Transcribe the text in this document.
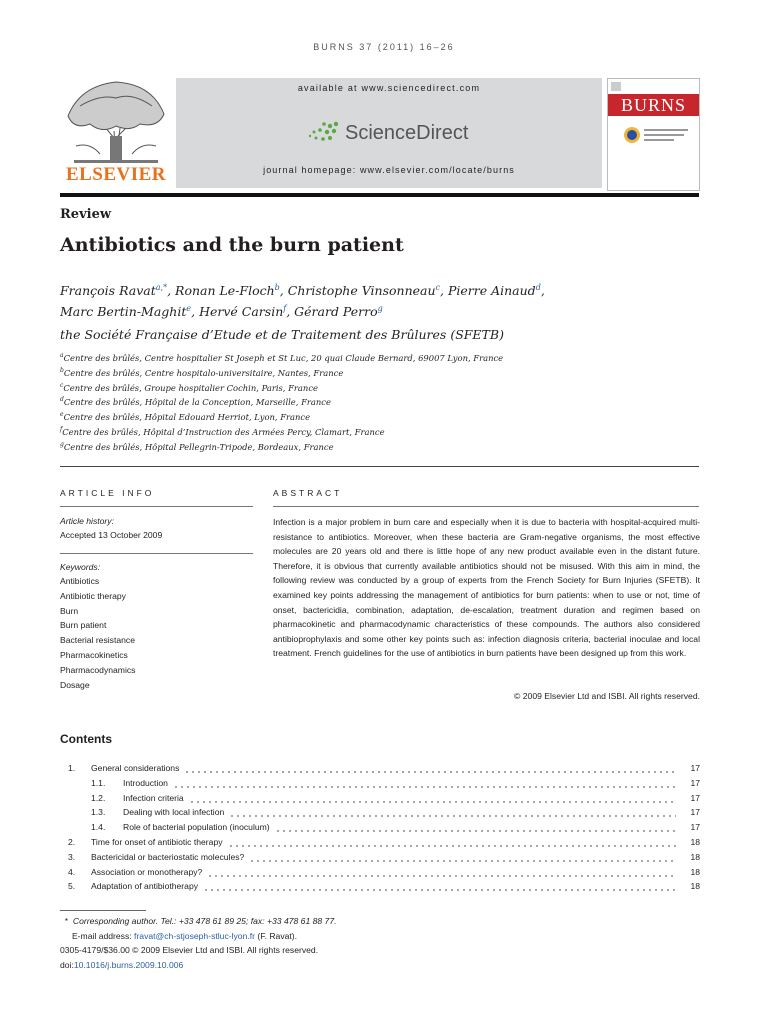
BURNS 37 (2011) 16–26
ELSEVIER
available at www.sciencedirect.com
ScienceDirect
journal homepage: www.elsevier.com/locate/burns
BURNS
Review
Antibiotics and the burn patient
François Ravat$^{a,*}$, Ronan Le-Floch$^b$, Christophe Vinsonneau$^c$, Pierre Ainaud$^d$,
Marc Bertin-Maghit$^e$, Hervé Carsin$^f$, Gérard Perro$^g$
the Société Française d’Etude et de Traitement des Brûlures (SFETB)
$^a$Centre des brûlés, Centre hospitalier St Joseph et St Luc, 20 quai Claude Bernard, 69007 Lyon, France
$^b$Centre des brûlés, Centre hospitalo-universitaire, Nantes, France
$^c$Centre des brûlés, Groupe hospitalier Cochin, Paris, France
$^d$Centre des brûlés, Hôpital de la Conception, Marseille, France
$^e$Centre des brûlés, Hôpital Edouard Herriot, Lyon, France
$^f$Centre des brûlés, Hôpital d’Instruction des Armées Percy, Clamart, France
$^g$Centre des brûlés, Hôpital Pellegrin-Tripode, Bordeaux, France
ARTICLE INFO
Article history:
Accepted 13 October 2009
Keywords:
Antibiotics
Antibiotic therapy
Burn
Burn patient
Bacterial resistance
Pharmacokinetics
Pharmacodynamics
Dosage
ABSTRACT
Infection is a major problem in burn care and especially when it is due to bacteria with hospital-acquired multi-resistance to antibiotics. Moreover, when these bacteria are Gram-negative organisms, the most effective molecules are 20 years old and there is little hope of any new product available even in the distant future. Therefore, it is obvious that currently available antibiotics should not be misused. With this aim in mind, the following review was conducted by a group of experts from the French Society for Burn Injuries (SFETB). It examined key points addressing the management of antibiotics for burn patients: when to use or not, time of onset, bactericidia, combination, adaptation, de-escalation, treatment duration and regimen based on pharmacokinetic and pharmacodynamic characteristics of these compounds. The authors also considered antibioprophylaxis and some other key points such as: infection diagnosis criteria, bacterial inoculae and local treatment. French guidelines for the use of antibiotics in burn patients have been designed up from this work.
© 2009 Elsevier Ltd and ISBI. All rights reserved.
Contents
1. General considerations	17
1.1. Introduction	17
1.2. Infection criteria	17
1.3. Dealing with local infection	17
1.4. Role of bacterial population (inoculum)	17
2. Time for onset of antibiotic therapy	18
3. Bactericidal or bacteriostatic molecules?	18
4. Association or monotherapy?	18
5. Adaptation of antibiotherapy	18
* Corresponding author. Tel.: +33 478 61 89 25; fax: +33 478 61 88 77.
E-mail address: fravat@ch-stjoseph-stluc-lyon.fr (F. Ravat).
0305-4179/$36.00 © 2009 Elsevier Ltd and ISBI. All rights reserved.
doi:10.1016/j.burns.2009.10.006
